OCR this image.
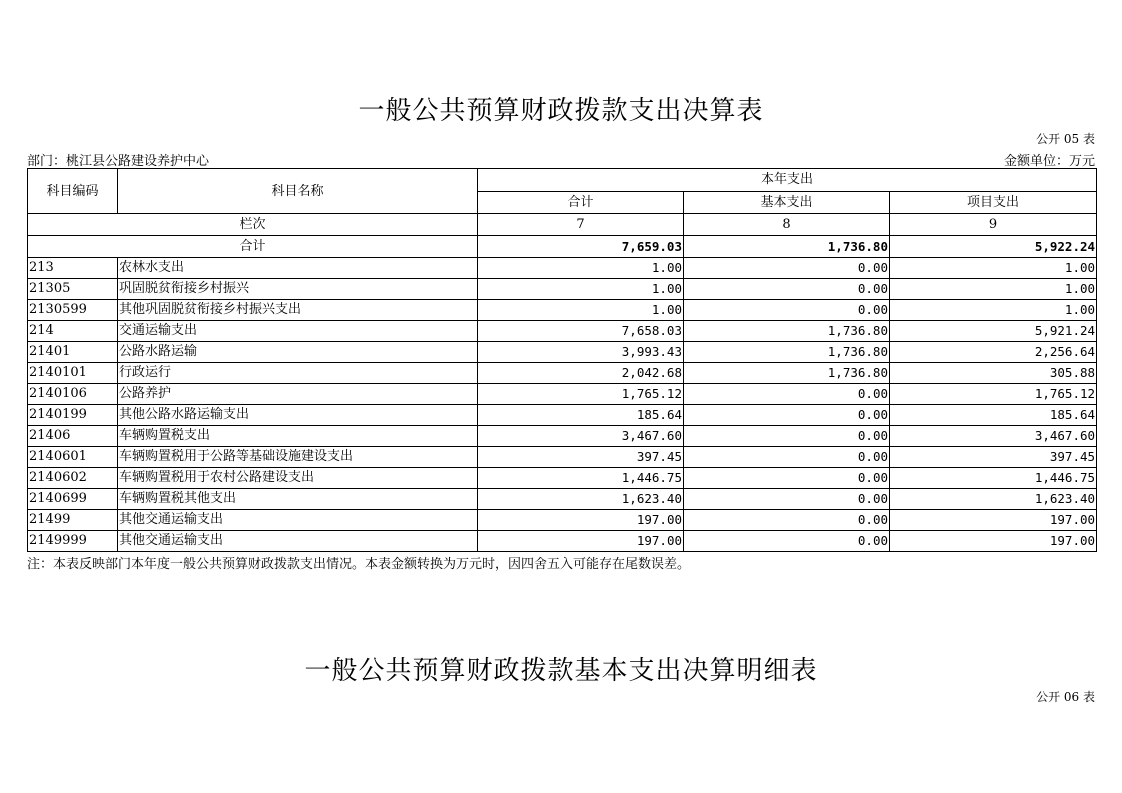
一般公共预算财政拨款支出决算表
公开 05 表
部门：桃江县公路建设养护中心	金额单位：万元
科目编码	科目名称	本年支出		
		合计	基本支出	项目支出
栏次		7	8	9
合计		7,659.03	1,736.80	5,922.24
213	农林水支出	1.00	0.00	1.00
21305	巩固脱贫衔接乡村振兴	1.00	0.00	1.00
2130599	其他巩固脱贫衔接乡村振兴支出	1.00	0.00	1.00
214	交通运输支出	7,658.03	1,736.80	5,921.24
21401	公路水路运输	3,993.43	1,736.80	2,256.64
2140101	行政运行	2,042.68	1,736.80	305.88
2140106	公路养护	1,765.12	0.00	1,765.12
2140199	其他公路水路运输支出	185.64	0.00	185.64
21406	车辆购置税支出	3,467.60	0.00	3,467.60
2140601	车辆购置税用于公路等基础设施建设支出	397.45	0.00	397.45
2140602	车辆购置税用于农村公路建设支出	1,446.75	0.00	1,446.75
2140699	车辆购置税其他支出	1,623.40	0.00	1,623.40
21499	其他交通运输支出	197.00	0.00	197.00
2149999	其他交通运输支出	197.00	0.00	197.00
注：本表反映部门本年度一般公共预算财政拨款支出情况。本表金额转换为万元时，因四舍五入可能存在尾数误差。
一般公共预算财政拨款基本支出决算明细表
公开 06 表
